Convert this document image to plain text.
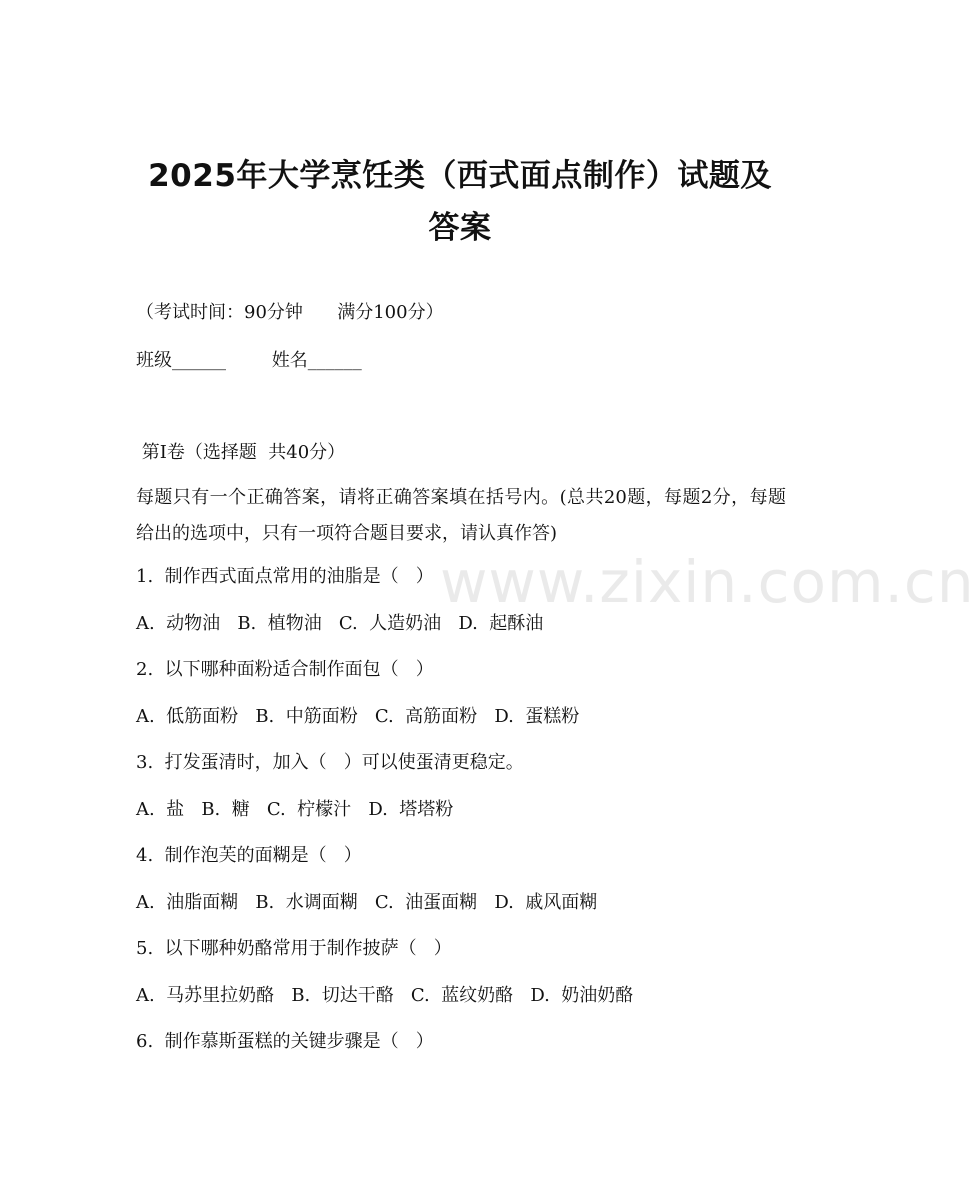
2025年大学烹饪类（西式面点制作）试题及
答案
（考试时间：90分钟      满分100分）
班级______        姓名______
第Ⅰ卷（选择题  共40分）
每题只有一个正确答案，请将正确答案填在括号内。(总共20题，每题2分，每题给出的选项中，只有一项符合题目要求，请认真作答)
1.  制作西式面点常用的油脂是（   ）
A.  动物油   B.  植物油   C.  人造奶油   D.  起酥油
2.  以下哪种面粉适合制作面包（   ）
A.  低筋面粉   B.  中筋面粉   C.  高筋面粉   D.  蛋糕粉
3.  打发蛋清时，加入（   ）可以使蛋清更稳定。
A.  盐   B.  糖   C.  柠檬汁   D.  塔塔粉
4.  制作泡芙的面糊是（   ）
A.  油脂面糊   B.  水调面糊   C.  油蛋面糊   D.  戚风面糊
5.  以下哪种奶酪常用于制作披萨（   ）
A.  马苏里拉奶酪   B.  切达干酪   C.  蓝纹奶酪   D.  奶油奶酪
6.  制作慕斯蛋糕的关键步骤是（   ）
www.zixin.com.cn
